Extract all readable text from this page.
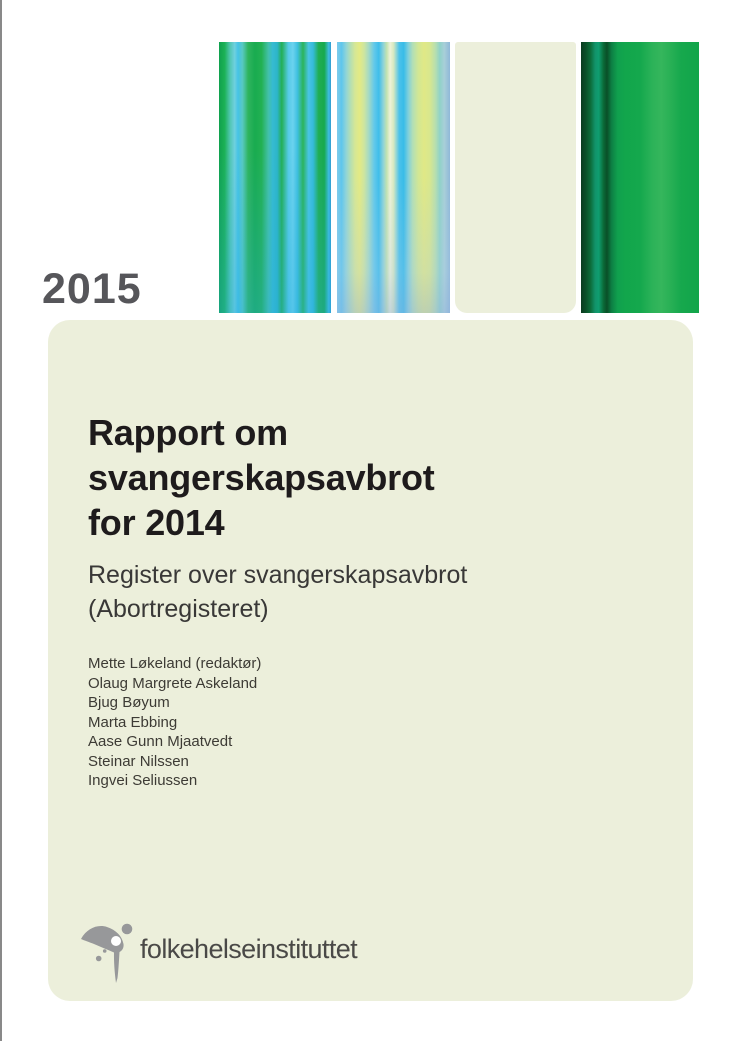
2015
Rapport om
svangerskapsavbrot
for 2014
Register over svangerskapsavbrot
(Abortregisteret)
Mette Løkeland (redaktør)
Olaug Margrete Askeland
Bjug Bøyum
Marta Ebbing
Aase Gunn Mjaatvedt
Steinar Nilssen
Ingvei Seliussen
folkehelseinstituttet
